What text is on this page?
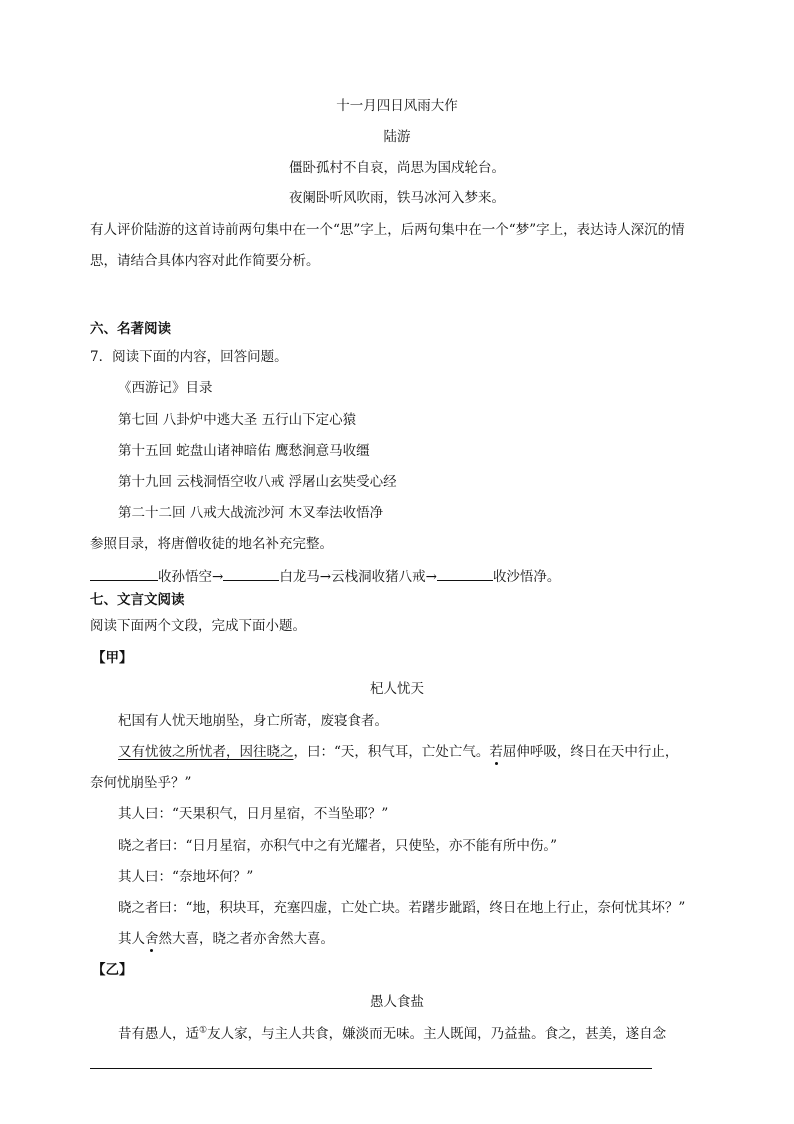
十一月四日风雨大作
陆游
僵卧孤村不自哀，尚思为国戍轮台。
夜阑卧听风吹雨，铁马冰河入梦来。
有人评价陆游的这首诗前两句集中在一个“思”字上，后两句集中在一个“梦”字上，表达诗人深沉的情
思，请结合具体内容对此作简要分析。
六、名著阅读
7．阅读下面的内容，回答问题。
《西游记》目录
第七回 八卦炉中逃大圣 五行山下定心猿
第十五回 蛇盘山诸神暗佑 鹰愁涧意马收缰
第十九回 云栈洞悟空收八戒 浮屠山玄奘受心经
第二十二回 八戒大战流沙河 木叉奉法收悟净
参照目录，将唐僧收徒的地名补充完整。
收孙悟空→	白龙马→云栈洞收猪八戒→	收沙悟净。
七、文言文阅读
阅读下面两个文段，完成下面小题。
【甲】
杞人忧天
杞国有人忧天地崩坠，身亡所寄，废寝食者。
又有忧彼之所忧者，因往晓之，曰：“天，积气耳，亡处亡气。若屈伸呼吸，终日在天中行止，
奈何忧崩坠乎？”
其人曰：“天果积气，日月星宿，不当坠耶？”
晓之者曰：“日月星宿，亦积气中之有光耀者，只使坠，亦不能有所中伤。”
其人曰：“奈地坏何？”
晓之者曰：“地，积块耳，充塞四虚，亡处亡块。若躇步跐蹈，终日在地上行止，奈何忧其坏？”
其人舍然大喜，晓之者亦舍然大喜。
【乙】
愚人食盐
昔有愚人，适①友人家，与主人共食，嫌淡而无味。主人既闻，乃益盐。食之，甚美，遂自念
